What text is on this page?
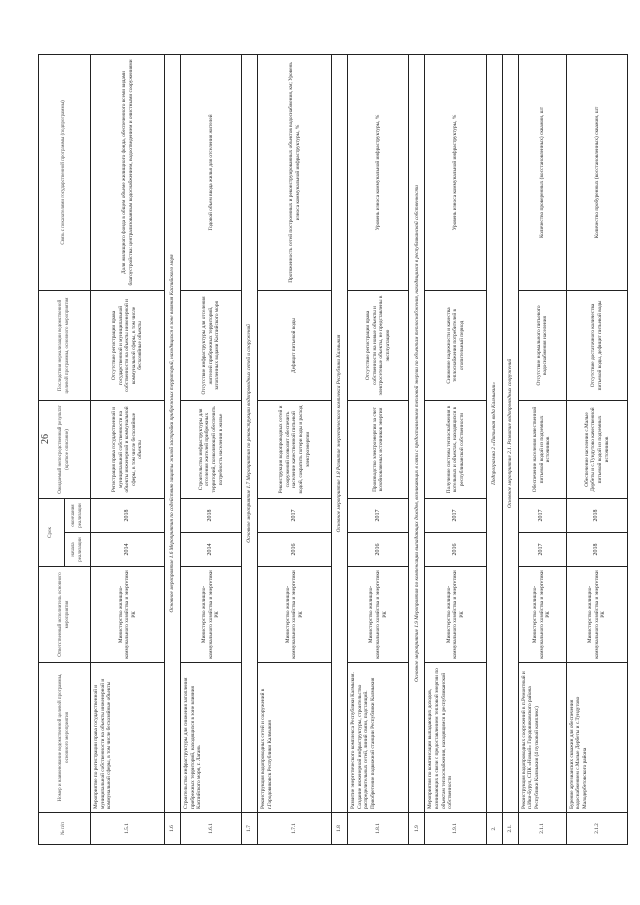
26
№ п/п	Номер и наименование ведомственной целевой программы, основного мероприятия	Ответственный исполнитель основного мероприятия	Срок		Ожидаемый непосредственный результат (краткое описание)	Последствия нереализации ведомственной целевой программы, основного мероприятия	Связь с показателями государственной программы (подпрограммы)
			начала реализации	окончания реализации			
1.5.1	Мероприятие по регистрации права государственной и муниципальной собственности на объекты инженерной и коммунальной сферы, в том числе бесхозяйные объекты	Министерство жилищно-коммунального хозяйства и энергетики РК	2014	2018	Регистрация права государственной и муниципальной собственности на объекты инженерной и коммунальной сферы, в том числе бесхозяйные объекты	Отсутствие регистрации права государственной и муниципальной собственности на объекты инженерной и коммунальной сферы, в том числе бесхозяйные объекты	Доля жилищного фонда в общем объеме жилищного фонда, обеспеченного всеми видами благоустройства: централизованным водоснабжением, водоотведением и очистными сооружениями
1.6	Основное мероприятие 1.6 Мероприятия по содействию защиты жилой застройки прибрежных территорий, находящихся в зоне влияния Каспийского моря						
1.6.1	Строительство инфраструктуры для снижения затопления прибрежных территорий, находящихся в зоне влияния Каспийского моря, г. Лагань	Министерство жилищно-коммунального хозяйства и энергетики РК	2014	2018	Строительство инфраструктуры для отселения жителей прибрежных территорий, позволяющей обеспечить потребность населения в жилье	Отсутствие инфраструктуры для отселения жителей прибрежных территорий, затопленных водами Каспийского моря	Годовой объем ввода жилья для отселения жителей
1.7	Основное мероприятие 1.7 Мероприятия по реконструкции водопроводных сетей и сооружений						
1.7.1	Реконструкция водопроводных сетей и сооружений в г.Городовиковск Республики Калмыкия	Министерство жилищно-коммунального хозяйства и энергетики РК	2016	2017	Реконструкция водопроводных сетей и сооружений позволит обеспечить население качественной питьевой водой, сократить потери воды и расход электроэнергии	Дефицит питьевой воды	Протяженность сетей построенных и реконструированных объектов водоснабжения, км; Уровень износа коммунальной инфраструктуры, %
1.8	Основное мероприятие 1.8 Развитие энергетического комплекса Республики Калмыкия						
1.8.1	Развитие энергетического комплекса Республики Калмыкия. Создание инженерной инфраструктуры, строительство распределительных сетей, линий связи, подстанций. Приобретение подвижной станции Республики Калмыкия	Министерство жилищно-коммунального хозяйства и энергетики РК	2016	2017	Производство электроэнергии за счет возобновляемых источников энергии	Отсутствие регистрации права собственности на новые объекты и электросетевые объекты, не представлены в эксплуатацию	Уровень износа коммунальной инфраструктуры, %
1.9	Основное мероприятие 1.9 Мероприятия по компенсации выпадающих доходов, возникающих в связи с предоставлением тепловой энергии по объектам теплоснабжения, находящимся в республиканской собственности						
1.9.1	Мероприятия по компенсации выпадающих доходов, возникающих в связи с предоставлением тепловой энергии по объектам теплоснабжения, находящимся в республиканской собственности	Министерство жилищно-коммунального хозяйства и энергетики РК	2016	2017	Получение системы теплоснабжения в котельных и объектах, находящихся в республиканской собственности	Снижение надежности и качества теплоснабжения потребителей в отопительный период	Уровень износа коммунальной инфраструктуры, %
2.	Подпрограмма 2 «Питьевая вода Калмыкии»						
2.1.	Основное мероприятие 2.1. Развитие водопроводных сооружений						
2.1.1	Реконструкция водопроводных сооружений в п.Ремонтный и п.Ики-Бурул, СПК «Новый» Городовиковского района Республики Калмыкия (4 пусковой комплекс)	Министерство жилищно-коммунального хозяйства и энергетики РК	2017	2017	Обеспечение населения качественной питьевой водой из подземных источников	Отсутствие нормального питьевого водоснабжения населения	Количество проверенных (восстановленных) скважин, шт
2.1.2	Бурение артезианских скважин для обеспечения водоснабжением с.Малые Дербеты и с.Тундутово Малодербетовского района	Министерство жилищно-коммунального хозяйства и энергетики РК	2018	2018	Обеспечение населения с.Малые Дербеты и с.Тундутово качественной питьевой водой из подземных источников	Отсутствие достаточного количества питьевой воды, дефицит питьевой воды	Количество пробуренных (восстановленных) скважин, шт
